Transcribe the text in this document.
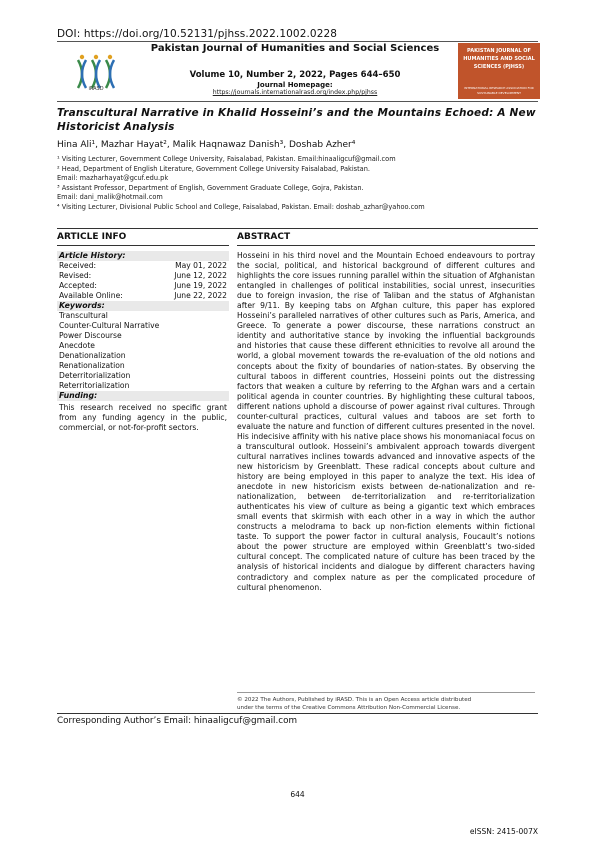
DOI: https://doi.org/10.52131/pjhss.2022.1002.0228
iRASD
Pakistan Journal of Humanities and Social Sciences
Volume 10, Number 2, 2022, Pages 644–650
Journal Homepage:
https://journals.internationalrasd.org/index.php/pjhss
PAKISTAN JOURNAL OF HUMANITIES AND SOCIAL SCIENCES (PJHSS)
INTERNATIONAL RESEARCH ASSOCIATION FOR SUSTAINABLE DEVELOPMENT
Transcultural Narrative in Khalid Hosseini’s and the Mountains Echoed: A New Historicist Analysis
Hina Ali¹, Mazhar Hayat², Malik Haqnawaz Danish³, Doshab Azher⁴
¹ Visiting Lecturer, Government College University, Faisalabad, Pakistan. Email:hinaaligcuf@gmail.com
² Head, Department of English Literature, Government College University Faisalabad, Pakistan.
Email: mazharhayat@gcuf.edu.pk
³ Assistant Professor, Department of English, Government Graduate College, Gojra, Pakistan.
Email: dani_malik@hotmail.com
⁴ Visiting Lecturer, Divisional Public School and College, Faisalabad, Pakistan. Email: doshab_azhar@yahoo.com
ARTICLE INFO	ABSTRACT
Article History:
Received:	May 01, 2022
Revised:	June 12, 2022
Accepted:	June 19, 2022
Available Online:	June 22, 2022
Keywords:
Transcultural
Counter-Cultural Narrative
Power Discourse
Anecdote
Denationalization
Renationalization
Deterritorialization
Reterritorialization
Funding:
This research received no specific grant from any funding agency in the public, commercial, or not-for-profit sectors.
Hosseini in his third novel and the Mountain Echoed endeavours to portray the social, political, and historical background of different cultures and highlights the core issues running parallel within the situation of Afghanistan entangled in challenges of political instabilities, social unrest, insecurities due to foreign invasion, the rise of Taliban and the status of Afghanistan after 9/11. By keeping tabs on Afghan culture, this paper has explored Hosseini’s paralleled narratives of other cultures such as Paris, America, and Greece. To generate a power discourse, these narrations construct an identity and authoritative stance by invoking the influential backgrounds and histories that cause these different ethnicities to revolve all around the world, a global movement towards the re-evaluation of the old notions and concepts about the fixity of boundaries of nation-states. By observing the cultural taboos in different countries, Hosseini points out the distressing factors that weaken a culture by referring to the Afghan wars and a certain political agenda in counter countries. By highlighting these cultural taboos, different nations uphold a discourse of power against rival cultures. Through counter-cultural practices, cultural values and taboos are set forth to evaluate the nature and function of different cultures presented in the novel. His indecisive affinity with his native place shows his monomaniacal focus on a transcultural outlook. Hosseini’s ambivalent approach towards divergent cultural narratives inclines towards advanced and innovative aspects of the new historicism by Greenblatt. These radical concepts about culture and history are being employed in this paper to analyze the text. His idea of anecdote in new historicism exists between de-nationalization and re-nationalization, between de-territorialization and re-territorialization authenticates his view of culture as being a gigantic text which embraces small events that skirmish with each other in a way in which the author constructs a melodrama to back up non-fiction elements within fictional taste. To support the power factor in cultural analysis, Foucault’s notions about the power structure are employed within Greenblatt’s two-sided cultural concept. The complicated nature of culture has been traced by the analysis of historical incidents and dialogue by different characters having contradictory and complex nature as per the complicated procedure of cultural phenomenon.
© 2022 The Authors, Published by iRASD. This is an Open Access article distributed
under the terms of the Creative Commons Attribution Non-Commercial License.
Corresponding Author’s Email: hinaaligcuf@gmail.com
644
eISSN: 2415-007X
